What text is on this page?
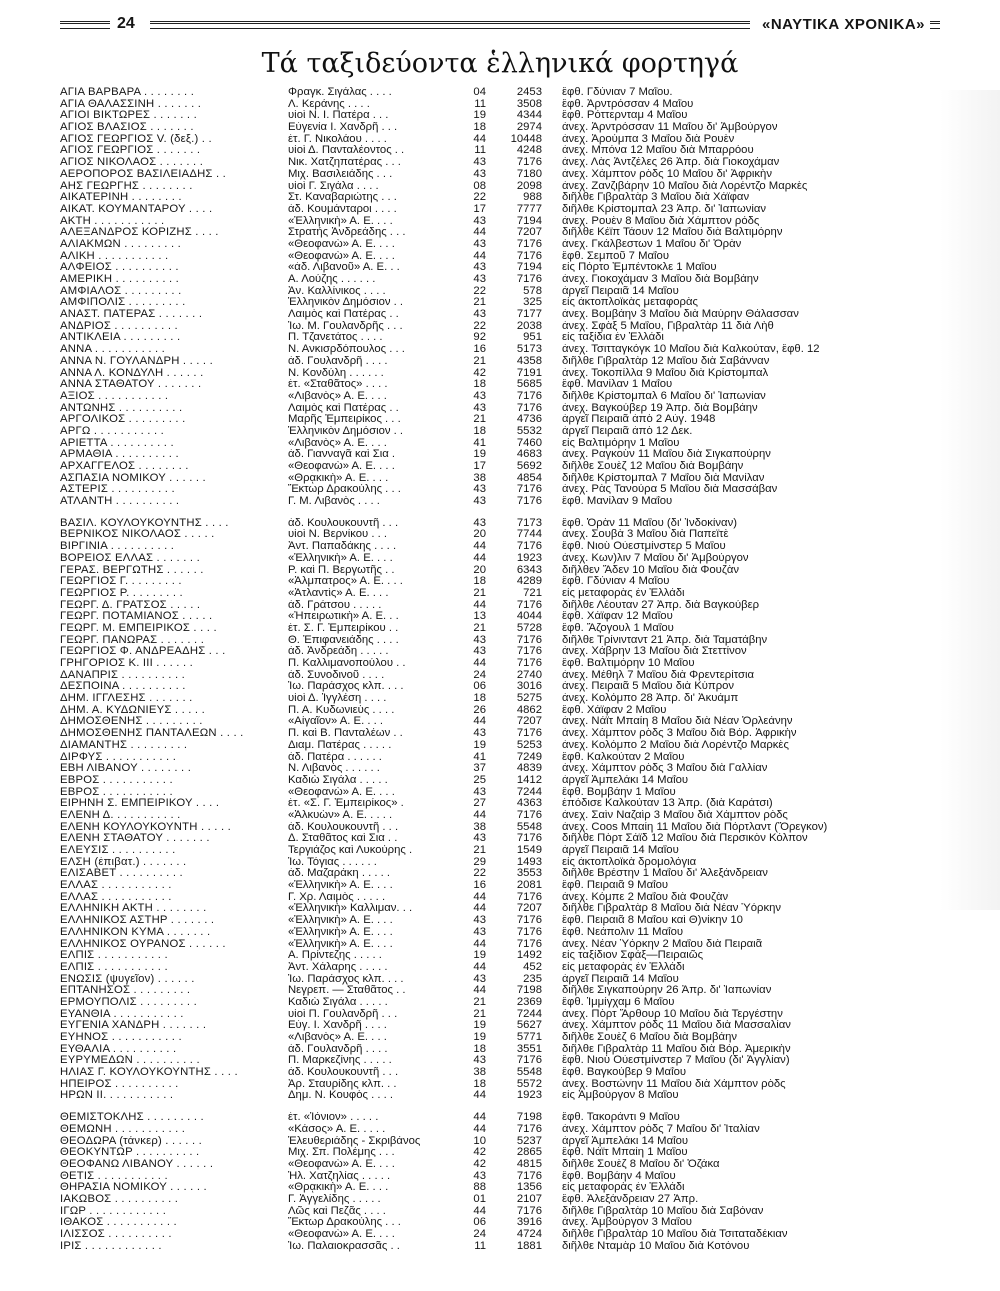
24	«ΝΑΥΤΙΚΑ ΧΡΟΝΙΚΑ»
Τά ταξιδεύοντα ἑλληνικά φορτηγά
ΑΓΙΑ ΒΑΡΒΑΡΑ . . . . . . . .	Φραγκ. Σιγάλας . . . .	04	2453 ἔφθ. Γδύνιαν 7 Μαΐου.
ΑΓΙΑ ΘΑΛΑΣΣΙΝΗ . . . . . . .	Λ. Κεράνης . . . .	11	3508 ἔφθ. Ἀρντρόσσαν 4 Μαΐου
ΑΓΙΟΙ ΒΙΚΤΩΡΕΣ . . . . . . .	υἱοὶ Ν. Ι. Πατέρα . . .	19	4344 ἔφθ. Ρόττερνταμ 4 Μαΐου
ΑΓΙΟΣ ΒΛΑΣΙΟΣ . . . . . . .	Εὐγενία Ι. Χανδρῆ . . .	18	2974 ἀνεχ. Ἀρντρόσσαν 11 Μαΐου δι' Ἀμβούργον
ΑΓΙΟΣ ΓΕΩΡΓΙΟΣ V. (δεξ.) . .	ἐτ. Γ. Νικολάου . . . .	44	10448 ἀνεχ. Ἀρούμπα 3 Μαΐου διὰ Ρουὲν
ΑΓΙΟΣ ΓΕΩΡΓΙΟΣ . . . . . . .	υἱοὶ Δ. Πανταλέοντος . .	11	4248 ἀνεχ. Μπόνα 12 Μαΐου διὰ Μπαρρόου
ΑΓΙΟΣ ΝΙΚΟΛΑΟΣ . . . . . . .	Νικ. Χατζηπατέρας . . .	43	7176 ἀνεχ. Λὰς Ἀντζέλες 26 Ἀπρ. διὰ Γιοκοχάμαν
ΑΕΡΟΠΟΡΟΣ ΒΑΣΙΛΕΙΑΔΗΣ . .	Μιχ. Βασιλειάδης . . .	43	7180 ἀνεχ. Χάμπτον ρὸδς 10 Μαΐου δι' Ἀφρικὴν
ΑΗΣ ΓΕΩΡΓΗΣ . . . . . . . .	υἱοὶ Γ. Σιγάλα . . . .	08	2098 ἀνεχ. Ζανζιβάρην 10 Μαΐου διὰ Λορέντζο Μαρκὲς
ΑΙΚΑΤΕΡΙΝΗ . . . . . . . .	Στ. Καναβαριώτης . . .	22	988 διῆλθε Γιβραλτὰρ 3 Μαΐου διὰ Χάϊφαν
ΑΙΚΑΤ. ΚΟΥΜΑΝΤΑΡΟΥ . . . .	ἀδ. Κουμάνταροι . . . .	17	7777 διῆλθε Κρίστομπαλ 23 Ἀπρ. δι' Ἰαπωνίαν
ΑΚΤΗ . . . . . . . . . . .	«Ἑλληνικὴ» Α. Ε. . . .	43	7194 ἀνεχ. Ρουὲν 8 Μαΐου διὰ Χάμπτον ρόδς
ΑΛΕΞΑΝΔΡΟΣ ΚΟΡΙΖΗΣ . . . .	Στρατής Ἀνδρεάδης . . .	44	7207 διῆλθε Κέϊπ Τάουν 12 Μαΐου διὰ Βαλτιμόρην
ΑΛΙΑΚΜΩΝ . . . . . . . . .	«Θεοφανὼ» Α. Ε. . . .	43	7176 ἀνεχ. Γκάλβεστων 1 Μαΐου δι' Ὀρὰν
ΑΛΙΚΗ . . . . . . . . . . .	«Θεοφανὼ» Α. Ε. . . .	44	7176 ἔφθ. Σεμποῦ 7 Μαΐου
ΑΛΦΕΙΟΣ . . . . . . . . . .	«ἀδ. Λιβανοῦ» Α. Ε. . .	43	7194 εἰς Πόρτο Ἐμπέντοκλε 1 Μαΐου
ΑΜΕΡΙΚΗ . . . . . . . . . .	Α. Λούζης . . . . . .	43	7176 ἀνεχ. Γιοκοχάμαν 3 Μαΐου διὰ Βομβάην
ΑΜΦΙΑΛΟΣ . . . . . . . . .	Ἀν. Καλλίνικος . . . .	22	578 ἀργεῖ Πειραιᾶ 14 Μαΐου
ΑΜΦΙΠΟΛΙΣ . . . . . . . . .	Ἑλληνικὸν Δημόσιον . .	21	325 εἰς ἀκτοπλοϊκὰς μεταφορὰς
ΑΝΑΣΤ. ΠΑΤΕΡΑΣ . . . . . . .	Λαιμὸς καὶ Πατέρας . .	43	7177 ἀνεχ. Βομβάην 3 Μαΐου διὰ Μαύρην Θάλασσαν
ΑΝΔΡΙΟΣ . . . . . . . . . .	Ἰω. Μ. Γουλανδρῆς . . .	22	2038 ἀνεχ. Σφὰξ 5 Μαΐου, Γιβραλτὰρ 11 διὰ Λὴθ
ΑΝΤΙΚΛΕΙΑ . . . . . . . . .	Π. Τζανετάτος . . . .	92	951 εἰς ταξίδια ἐν Ἑλλάδι
ΑΝΝΑ . . . . . . . . . . .	Ν. Ανκισρδόπουλος . . .	16	5173 ἀνεχ. Τσιτταγκόγκ 10 Μαΐου διὰ Καλκούταν, ἔφθ. 12
ΑΝΝΑ Ν. ΓΟΥΛΑΝΔΡΗ . . . . .	ἀδ. Γουλανδρῆ . . . .	21	4358 διῆλθε Γιβραλτὰρ 12 Μαΐου διὰ Σαβάνναν
ΑΝΝΑ Λ. ΚΟΝΔΥΛΗ . . . . . .	Ν. Κονδύλη . . . . . .	42	7191 ἀνεχ. Τοκοπίλλα 9 Μαΐου διὰ Κρίστομπαλ
ΑΝΝΑ ΣΤΑΘΑΤΟΥ . . . . . . .	ἐτ. «Σταθᾶτος» . . . .	18	5685 ἔφθ. Μανίλαν 1 Μαΐου
ΑΞΙΟΣ . . . . . . . . . . .	«Λιβανὸς» Α. Ε. . . .	43	7176 διῆλθε Κρίστομπαλ 6 Μαΐου δι' Ἰαπωνίαν
ΑΝΤΩΝΗΣ . . . . . . . . . .	Λαιμὸς καὶ Πατέρας . .	43	7176 ἀνεχ. Βαγκούβερ 19 Ἀπρ. διὰ Βομβάην
ΑΡΓΟΛΙΚΟΣ . . . . . . . . .	Μαρῆς Ἐμπειρίκος . . .	21	4736 ἀργεῖ Πειραιᾶ ἀπὸ 2 Αὐγ. 1948
ΑΡΓΩ . . . . . . . . . . .	Ἑλληνικὸν Δημόσιον . .	18	5532 ἀργεῖ Πειραιᾶ ἀπὸ 12 Δεκ.
ΑΡΙΕΤΤΑ . . . . . . . . . .	«Λιβανὸς» Α. Ε. . . .	41	7460 εἰς Βαλτιμόρην 1 Μαΐου
ΑΡΜΑΘΙΑ . . . . . . . . . .	ἀδ. Γιανναγᾶ καὶ Σια .	19	4683 ἀνεχ. Ραγκοὺν 11 Μαΐου διὰ Σιγκαπούρην
ΑΡΧΑΓΓΕΛΟΣ . . . . . . . .	«Θεοφανὼ» Α. Ε. . . .	17	5692 διῆλθε Σουὲζ 12 Μαΐου διὰ Βομβάην
ΑΣΠΑΣΙΑ ΝΟΜΙΚΟΥ . . . . . .	«Θρᾳκικὴ» Α. Ε. . . .	38	4854 διῆλθε Κρίστομπαλ 7 Μαΐου διὰ Μανίλαν
ΑΣΤΕΡΙΣ . . . . . . . . . .	Ἕκτωρ Δρακούλης . . .	43	7176 ἀνεχ. Ρὰς Τανούρα 5 Μαΐου διὰ Μασσάβαν
ΑΤΛΑΝΤΗ . . . . . . . . . .	Γ. Μ. Λιβανὸς . . . .	43	7176 ἔφθ. Μανίλαν 9 Μαΐου
ΒΑΣΙΛ. ΚΟΥΛΟΥΚΟΥΝΤΗΣ . . . .	ἀδ. Κουλουκουντῆ . . .	43	7173 ἔφθ. Ὀρὰν 11 Μαΐου (δι' Ἰνδοκίναν)
ΒΕΡΝΙΚΟΣ ΝΙΚΟΛΑΟΣ . . . . .	υἱοὶ Ν. Βερνίκου . . .	20	7744 ἀνεχ. Σουβὰ 3 Μαΐου διὰ Παπεϊτὲ
ΒΙΡΓΙΝΙΑ . . . . . . . . . .	Ἀντ. Παπαδάκης . . . .	44	7176 ἔφθ. Νιοὺ Οὐεστμίνστερ 5 Μαΐου
ΒΟΡΕΙΟΣ ΕΛΛΑΣ . . . . . . .	«Ἑλληνικὴ» Α. Ε. . . .	44	1923 ἀνεχ. Κων)λιν 7 Μαΐου δι' Ἀμβούργον
ΓΕΡΑΣ. ΒΕΡΓΩΤΗΣ . . . . . .	Ρ. καὶ Π. Βεργωτῆς . .	20	6343 διῆλθεν Ἄδεν 10 Μαΐου διὰ Φουζὰν
ΓΕΩΡΓΙΟΣ Γ. . . . . . . . .	«Ἀλμπατρος» Α. Ε. . . .	18	4289 ἔφθ. Γδύνιαν 4 Μαΐου
ΓΕΩΡΓΙΟΣ Ρ. . . . . . . . .	«Ἀτλαντὶς» Α. Ε. . . .	21	721 εἰς μεταφορὰς ἐν Ἑλλάδι
ΓΕΩΡΓ. Δ. ΓΡΑΤΣΟΣ . . . . .	ἀδ. Γράτσου . . . . .	44	7176 διῆλθε Λέουταν 27 Ἀπρ. διὰ Βαγκούβερ
ΓΕΩΡΓ. ΠΟΤΑΜΙΑΝΟΣ . . . . .	«Ἠπειρωτικὴ» Α. Ε. . .	13	4044 ἔφθ. Χάϊφαν 12 Μαΐου
ΓΕΩΡΓ. Μ. ΕΜΠΕΙΡΙΚΟΣ . . . .	ἐτ. Σ. Γ. Ἐμπειρίκου . .	21	5728 ἔφθ. Ἄζογουλ 1 Μαΐου
ΓΕΩΡΓ. ΠΑΝΩΡΑΣ . . . . . . .	Θ. Ἐπιφανειάδης . . . .	43	7176 διῆλθε Τρίνινταντ 21 Ἀπρ. διὰ Ταματάβην
ΓΕΩΡΓΙΟΣ Φ. ΑΝΔΡΕΑΔΗΣ . . .	ἀδ. Ἀνδρεάδη . . . . .	43	7176 ἀνεχ. Χάβρην 13 Μαΐου διὰ Στεττίνον
ΓΡΗΓΟΡΙΟΣ Κ. ΙΙΙ . . . . . .	Π. Καλλιμανοπούλου . .	44	7176 ἔφθ. Βαλτιμόρην 10 Μαΐου
ΔΑΝΑΠΡΙΣ . . . . . . . . . .	ἀδ. Συνοδινοῦ . . . .	24	2740 ἀνεχ. Μέθηλ 7 Μαΐου διὰ Φρεντερίτσια
ΔΕΣΠΟΙΝΑ . . . . . . . . . .	Ἰω. Παράσχος κλπ. . . .	06	3016 ἀνεχ. Πειραιᾶ 5 Μαΐου διὰ Κύπρον
ΔΗΜ. ΙΓΓΛΕΣΗΣ . . . . . . .	υἱοὶ Δ. Ἰγγλέση . . . .	18	5275 ἀνεχ. Κολόμπο 28 Ἀπρ. δι' Ἀκυάμπ
ΔΗΜ. Α. ΚΥΔΩΝΙΕΥΣ . . . . .	Π. Α. Κυδωνιεὺς . . . .	26	4862 ἔφθ. Χάϊφαν 2 Μαΐου
ΔΗΜΟΣΘΕΝΗΣ . . . . . . . . .	«Αἰγαῖον» Α. Ε. . . .	44	7207 ἀνεχ. Νάϊτ Μπαίη 8 Μαΐου διὰ Νέαν Ὀρλεάνην
ΔΗΜΟΣΘΕΝΗΣ ΠΑΝΤΑΛΕΩΝ . . . .	Π. καὶ Β. Πανταλέων . .	43	7176 ἀνεχ. Χάμπτον ρὸδς 3 Μαΐου διὰ Βόρ. Ἀφρικὴν
ΔΙΑΜΑΝΤΗΣ . . . . . . . . .	Διαμ. Πατέρας . . . . .	19	5253 ἀνεχ. Κολόμπο 2 Μαΐου διὰ Λορέντζο Μαρκὲς
ΔΙΡΦΥΣ . . . . . . . . . . .	ἀδ. Πατέρα . . . . . .	41	7249 ἔφθ. Καλκούταν 2 Μαΐου
ΕΒΗ ΛΙΒΑΝΟΥ . . . . . . . .	Ν. Λιβανὸς . . . . . .	37	4839 ἀνεχ. Χάμπτον ρὸδς 3 Μαΐου διὰ Γαλλίαν
ΕΒΡΟΣ . . . . . . . . . . .	Καδιὼ Σιγάλα . . . . .	25	1412 ἀργεῖ Ἀμπελάκι 14 Μαΐου
ΕΒΡΟΣ . . . . . . . . . . .	«Θεοφανὼ» Α. Ε. . . .	43	7244 ἔφθ. Βομβάην 1 Μαΐου
ΕΙΡΗΝΗ Σ. ΕΜΠΕΙΡΙΚΟΥ . . . .	ἐτ. «Σ. Γ. Ἐμπειρίκος» .	27	4363 ἐπόδισε Καλκούταν 13 Ἀπρ. (διὰ Καράτσι)
ΕΛΕΝΗ Δ. . . . . . . . . . .	«Ἀλκυὼν» Α. Ε. . . . .	44	7176 ἀνεχ. Σαὶν Ναζαὶρ 3 Μαΐου διὰ Χάμπτον ρὸδς
ΕΛΕΝΗ ΚΟΥΛΟΥΚΟΥΝΤΗ . . . . .	ἀδ. Κουλουκουντῆ . . .	38	5548 ἀνεχ. Coos Μπαίη 11 Μαΐου διὰ Πόρτλαντ (Ὄρεγκον)
ΕΛΕΝΗ ΣΤΑΘΑΤΟΥ . . . . . . .	Δ. Σταθᾶτος καὶ Σια . .	43	7176 διῆλθε Πὸρτ Σάϊδ 12 Μαΐου διὰ Περσικὸν Κόλπον
ΕΛΕΥΣΙΣ . . . . . . . . . .	Τεργιάζος καὶ Λυκούρης .	21	1549 ἀργεῖ Πειραιᾶ 14 Μαΐου
ΕΛΣΗ (ἐπιβατ.) . . . . . . .	Ἰω. Τόγιας . . . . . .	29	1493 εἰς ἀκτοπλοϊκὰ δρομολόγια
ΕΛΙΣΑΒΕΤ . . . . . . . . . .	ἀδ. Μαζαράκη . . . . .	22	3553 διῆλθε Βρέστην 1 Μαΐου δι' Ἀλεξάνδρειαν
ΕΛΛΑΣ . . . . . . . . . . .	«Ἑλληνικὴ» Α. Ε. . . .	16	2081 ἔφθ. Πειραιᾶ 9 Μαΐου
ΕΛΛΑΣ . . . . . . . . . . .	Γ. Χρ. Λαιμὸς . . . . .	44	7176 ἀνεχ. Κόμπε 2 Μαΐου διὰ Φουζὰν
ΕΛΛΗΝΙΚΗ ΑΚΤΗ . . . . . . . .	«Ἑλληνικὴ» Καλλιμαν. . .	44	7207 διῆλθε Γιβραλτὰρ 8 Μαΐου διὰ Νέαν Ὑόρκην
ΕΛΛΗΝΙΚΟΣ ΑΣΤΗΡ . . . . . . .	«Ἑλληνικὴ» Α. Ε. . . .	43	7176 ἔφθ. Πειραιᾶ 8 Μαΐου καὶ Θ)νίκην 10
ΕΛΛΗΝΙΚΟΝ ΚΥΜΑ . . . . . . .	«Ἑλληνικὴ» Α. Ε. . . .	43	7176 ἔφθ. Νεάπολιν 11 Μαΐου
ΕΛΛΗΝΙΚΟΣ ΟΥΡΑΝΟΣ . . . . . .	«Ἑλληνικὴ» Α. Ε. . . .	44	7176 ἀνεχ. Νέαν Ὑόρκην 2 Μαΐου διὰ Πειραιᾶ
ΕΛΠΙΣ . . . . . . . . . . .	Α. Πρίντεζης . . . . .	19	1492 εἰς ταξίδιον Σφάξ—Πειραιῶς
ΕΛΠΙΣ . . . . . . . . . . .	Ἀντ. Χάλαρης . . . . .	44	452 εἰς μεταφορὰς ἐν Ἑλλάδι
ΕΝΩΣΙΣ (ψυγεῖον) . . . . . .	Ἰω. Παράσχος κλπ. . . .	43	235 ἀργεῖ Πειραιᾶ 14 Μαΐου
ΕΠΤΑΝΗΣΟΣ . . . . . . . . .	Νεγρεπ. — Σταθᾶτος . .	44	7198 διῆλθε Σιγκαπούρην 26 Ἀπρ. δι' Ἰαπωνίαν
ΕΡΜΟΥΠΟΛΙΣ . . . . . . . . .	Καδιὼ Σιγάλα . . . . .	21	2369 ἔφθ. Ἰμμίγχαμ 6 Μαΐου
ΕΥΑΝΘΙΑ . . . . . . . . . . .	υἱοὶ Π. Γουλανδρῆ . . .	21	7244 ἀνεχ. Πὸρτ Ἄρθουρ 10 Μαΐου διὰ Τεργέστην
ΕΥΓΕΝΙΑ ΧΑΝΔΡΗ . . . . . . .	Εὐγ. Ι. Χανδρῆ . . . .	19	5627 ἀνεχ. Χάμπτον ρὸδς 11 Μαΐου διὰ Μασσαλίαν
ΕΥΗΝΟΣ . . . . . . . . . . .	«Λιβανὸς» Α. Ε. . . .	19	5771 διῆλθε Σουὲζ 6 Μαΐου διὰ Βομβάην
ΕΥΘΑΛΙΑ . . . . . . . . . .	ἀδ. Γουλανδρῆ . . . .	18	3551 διῆλθε Γιβραλτὰρ 11 Μαΐου διὰ Βόρ. Ἀμερικὴν
ΕΥΡΥΜΕΔΩΝ . . . . . . . . . .	Π. Μαρκεζίνης . . . . .	43	7176 ἔφθ. Νιοὺ Οὐεστμίνστερ 7 Μαΐου (δι' Ἀγγλίαν)
ΗΛΙΑΣ Γ. ΚΟΥΛΟΥΚΟΥΝΤΗΣ . . . .	ἀδ. Κουλουκουντῆ . . .	38	5548 ἔφθ. Βαγκούβερ 9 Μαΐου
ΗΠΕΙΡΟΣ . . . . . . . . . .	Ἀρ. Σταυρίδης κλπ. . .	18	5572 ἀνεχ. Βοστώνην 11 Μαΐου διὰ Χάμπτον ρὸδς
ΗΡΩΝ ΙΙ. . . . . . . . . . .	Δημ. Ν. Κουφὸς . . . .	44	1923 εἰς Ἀμβούργον 8 Μαΐου
ΘΕΜΙΣΤΟΚΛΗΣ . . . . . . . . .	ἐτ. «Ἰόνιον» . . . . .	44	7198 ἔφθ. Τακοράντι 9 Μαΐου
ΘΕΜΩΝΗ . . . . . . . . . . .	«Κάσος» Α. Ε. . . . .	44	7176 ἀνεχ. Χάμπτον ρὸδς 7 Μαΐου δι' Ἰταλίαν
ΘΕΟΔΩΡΑ (τάνκερ) . . . . . .	Ἐλευθεριάδης - Σκριβάνος	10	5237 ἀργεῖ Ἀμπελάκι 14 Μαΐου
ΘΕΟΚΥΝΤΩΡ . . . . . . . . . .	Μιχ. Σπ. Πολέμης . . .	42	2865 ἔφθ. Νάϊτ Μπαίη 1 Μαΐου
ΘΕΟΦΑΝΩ ΛΙΒΑΝΟΥ . . . . . .	«Θεοφανὼ» Α. Ε. . . .	42	4815 διῆλθε Σουὲζ 8 Μαΐου δι' Ὀζάκα
ΘΕΤΙΣ . . . . . . . . . . .	Ἠλ. Χατζηλίας . . . . .	43	7176 ἔφθ. Βομβάην 4 Μαΐου
ΘΗΡΑΣΙΑ ΝΟΜΙΚΟΥ . . . . . .	«Θρᾳκικὴ» Α. Ε. . . .	88	1356 εἰς μεταφορὰς ἐν Ἑλλάδι
ΙΑΚΩΒΟΣ . . . . . . . . . .	Γ. Ἀγγελίδης . . . . .	01	2107 ἔφθ. Ἀλεξάνδρειαν 27 Ἀπρ.
ΙΓΩΡ . . . . . . . . . . . .	Λῶς καὶ Πεζᾶς . . . .	44	7176 διῆλθε Γιβραλτὰρ 10 Μαΐου διὰ Σαβόναν
ΙΘΑΚΟΣ . . . . . . . . . . .	Ἕκτωρ Δρακούλης . . .	06	3916 ἀνεχ. Ἀμβούργον 3 Μαΐου
ΙΛΙΣΣΟΣ . . . . . . . . . .	«Θεοφανὼ» Α. Ε. . . .	24	4724 διῆλθε Γιβραλτὰρ 10 Μαΐου διὰ Τσιταταδέκιαν
ΙΡΙΣ . . . . . . . . . . . .	Ἰω. Παλαιοκρασσᾶς . .	11	1881 διῆλθε Νταμὰρ 10 Μαΐου διὰ Κοτόνου
